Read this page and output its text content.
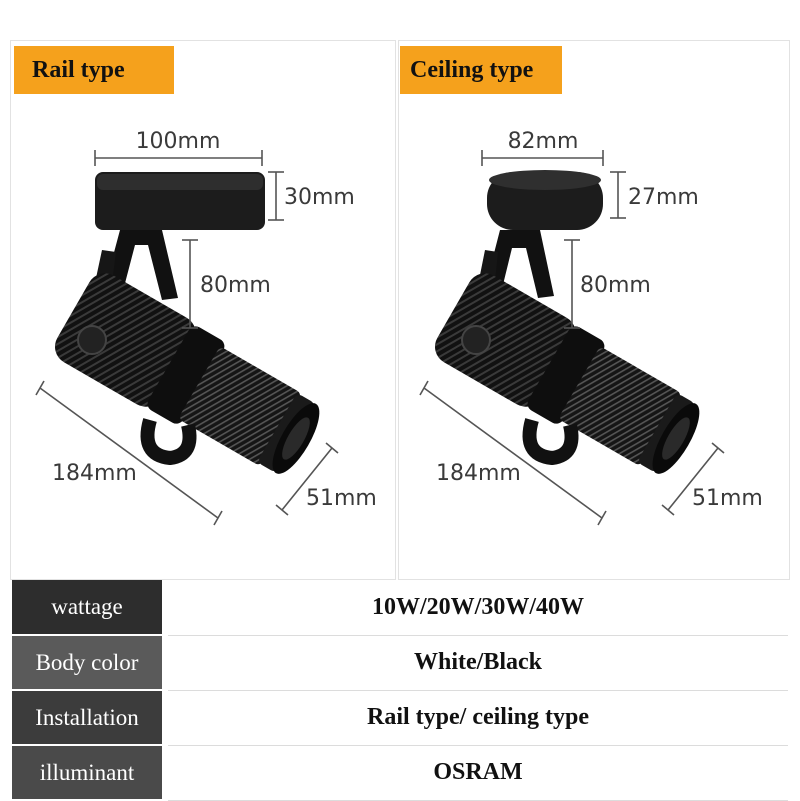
100mm
30mm
80mm
184mm
51mm
82mm
27mm
80mm
184mm
51mm
Rail type	Ceiling type
wattage	10W/20W/30W/40W
Body color	White/Black
Installation	Rail type/ ceiling type
illuminant	OSRAM
